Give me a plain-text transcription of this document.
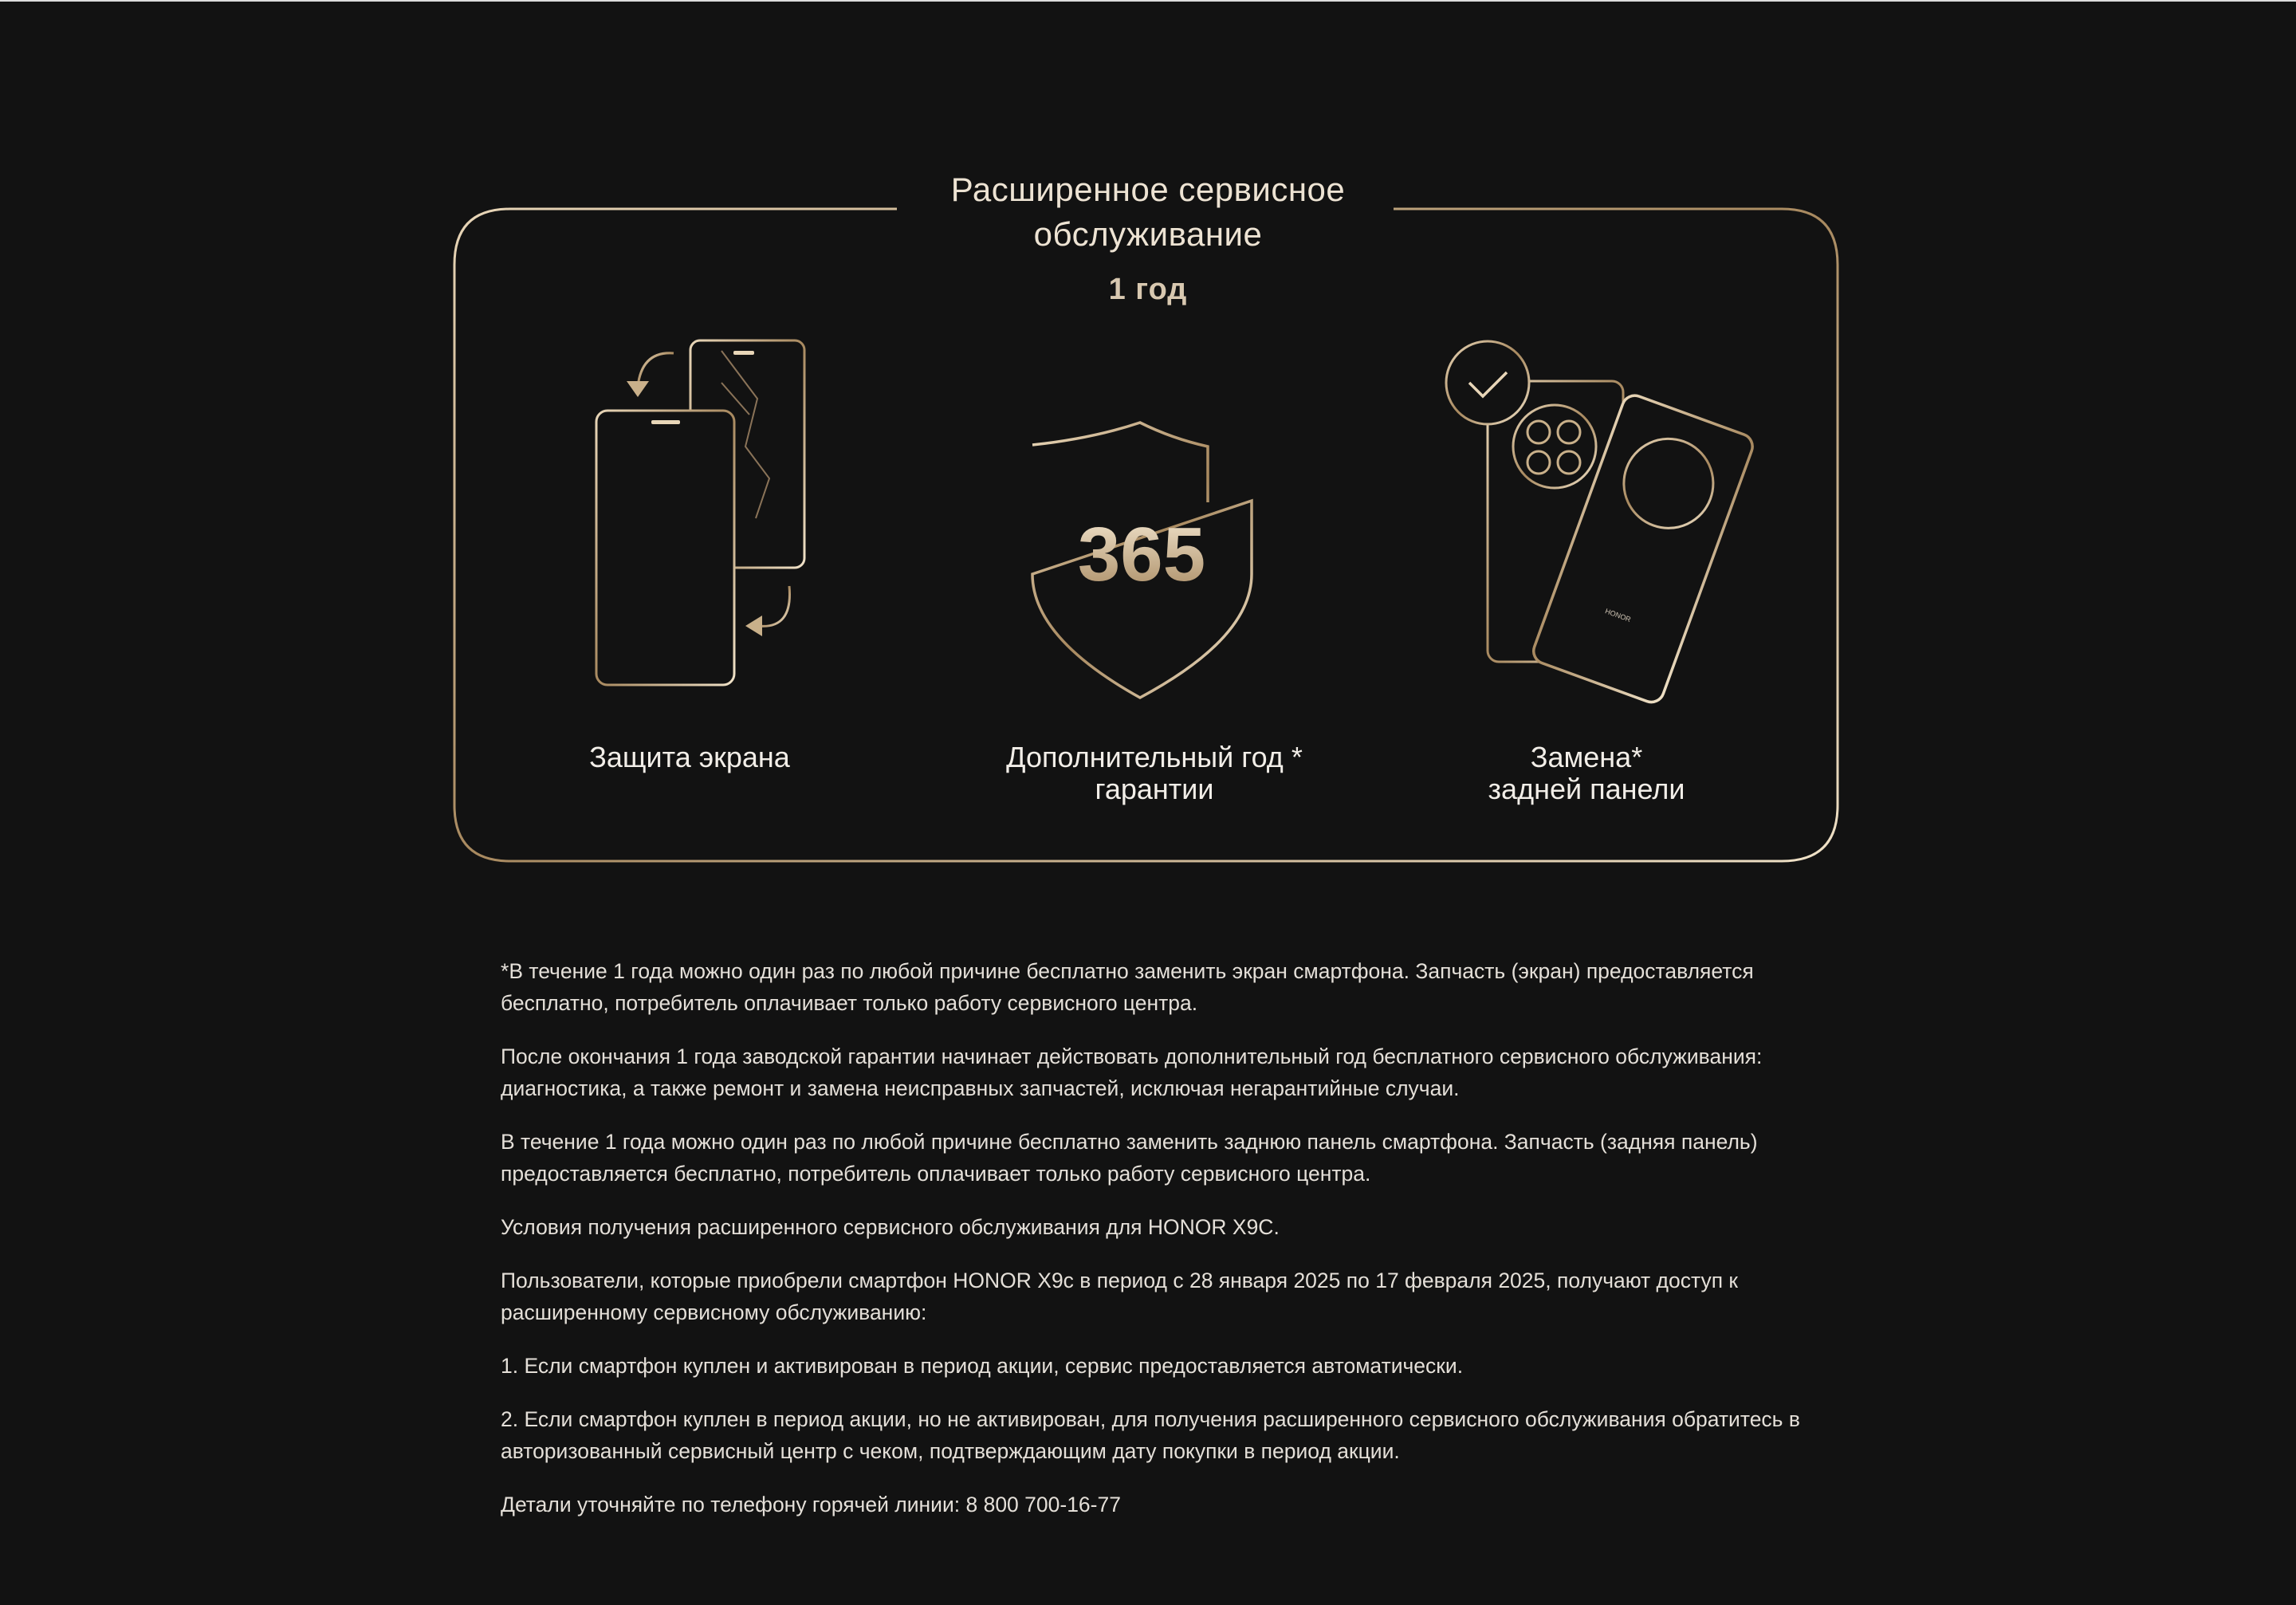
365
HONOR
Расширенное сервисное обслуживание
1 год
Защита экрана	Дополнительный год *
гарантии
Замена*
задней панели

*В течение 1 года можно один раз по любой причине бесплатно заменить экран смартфона. Запчасть (экран) предоставляется бесплатно, потребитель оплачивает только работу сервисного центра.

После окончания 1 года заводской гарантии начинает действовать дополнительный год бесплатного сервисного обслуживания: диагностика, а также ремонт и замена неисправных запчастей, исключая негарантийные случаи.

В течение 1 года можно один раз по любой причине бесплатно заменить заднюю панель смартфона. Запчасть (задняя панель) предоставляется бесплатно, потребитель оплачивает только работу сервисного центра.

Условия получения расширенного сервисного обслуживания для HONOR X9C.

Пользователи, которые приобрели смартфон HONOR X9c в период с 28 января 2025 по 17 февраля 2025, получают доступ к расширенному сервисному обслуживанию:

1. Если смартфон куплен и активирован в период акции, сервис предоставляется автоматически.

2. Если смартфон куплен в период акции, но не активирован, для получения расширенного сервисного обслуживания обратитесь в авторизованный сервисный центр с чеком, подтверждающим дату покупки в период акции.

Детали уточняйте по телефону горячей линии: 8 800 700-16-77
